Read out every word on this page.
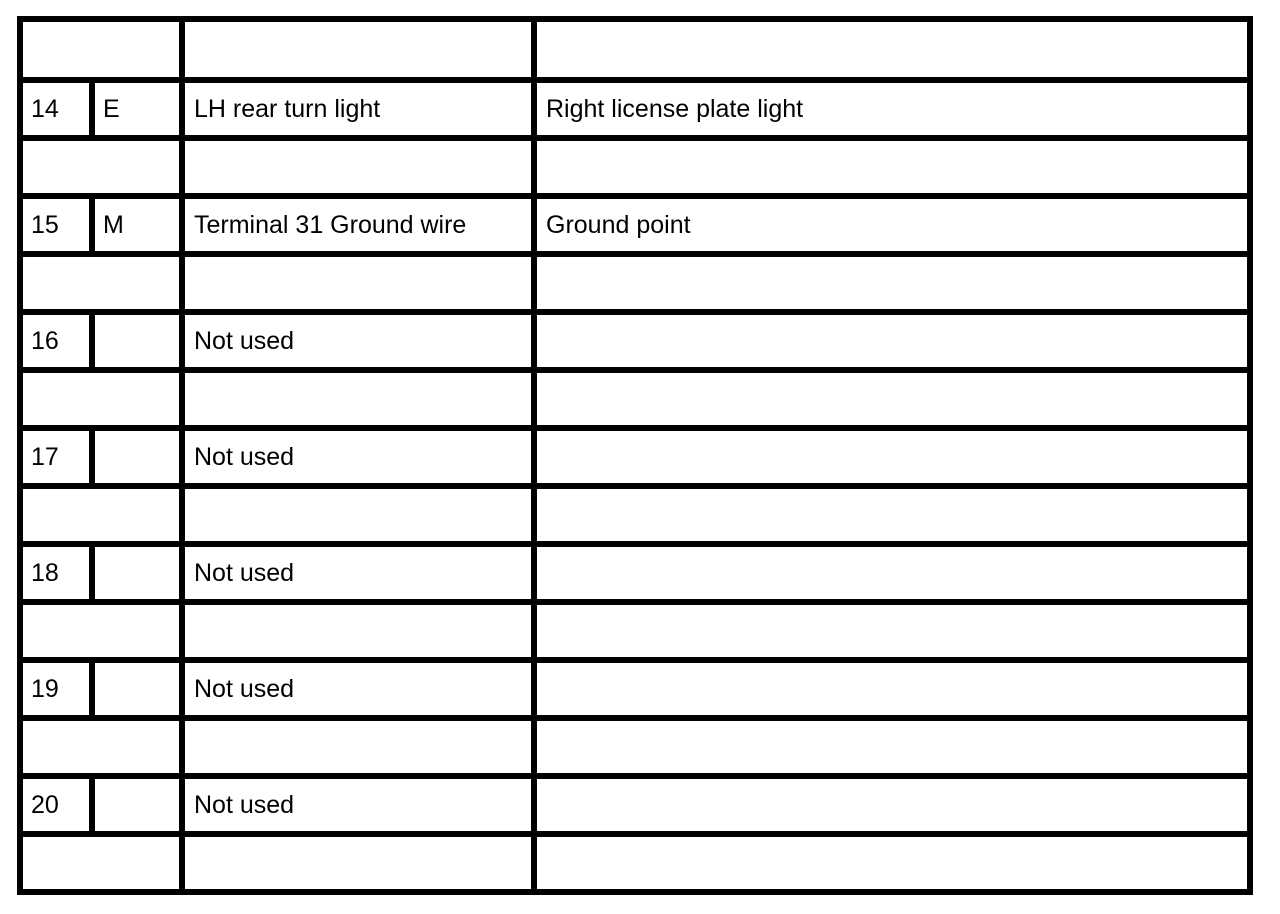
14	E	LH rear turn light	Right license plate light

15	M	Terminal 31 Ground wire	Ground point

16		Not used	

17		Not used	

18		Not used	

19		Not used	

20		Not used	
